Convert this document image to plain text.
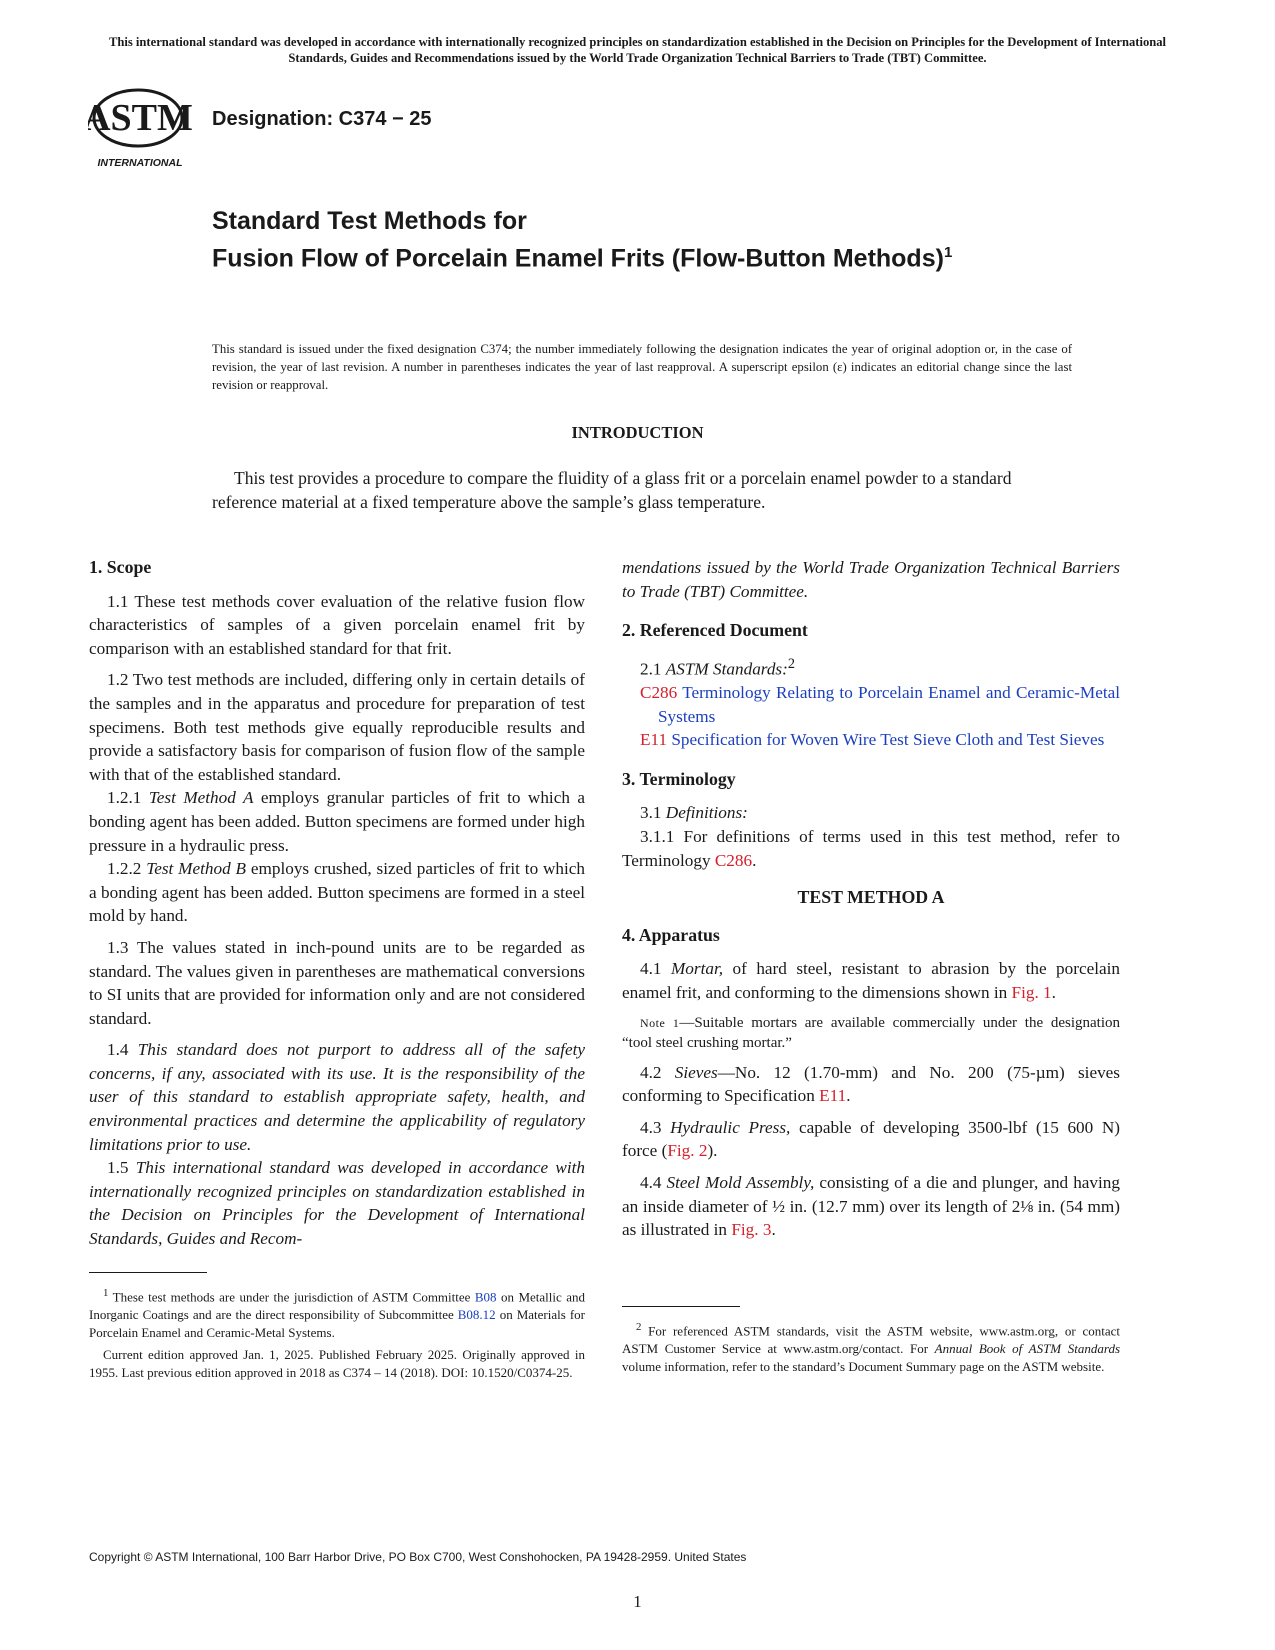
This international standard was developed in accordance with internationally recognized principles on standardization established in the Decision on Principles for the Development of International Standards, Guides and Recommendations issued by the World Trade Organization Technical Barriers to Trade (TBT) Committee.
ASTM
INTERNATIONAL
Designation: C374 − 25
Standard Test Methods for
Fusion Flow of Porcelain Enamel Frits (Flow-Button Methods)$^1$
This standard is issued under the fixed designation C374; the number immediately following the designation indicates the year of original adoption or, in the case of revision, the year of last revision. A number in parentheses indicates the year of last reapproval. A superscript epsilon (ε) indicates an editorial change since the last revision or reapproval.
INTRODUCTION
This test provides a procedure to compare the fluidity of a glass frit or a porcelain enamel powder to a standard reference material at a fixed temperature above the sample’s glass temperature.
1. Scope

1.1 These test methods cover evaluation of the relative fusion flow characteristics of samples of a given porcelain enamel frit by comparison with an established standard for that frit.

1.2 Two test methods are included, differing only in certain details of the samples and in the apparatus and procedure for preparation of test specimens. Both test methods give equally reproducible results and provide a satisfactory basis for comparison of fusion flow of the sample with that of the established standard.

1.2.1 Test Method A employs granular particles of frit to which a bonding agent has been added. Button specimens are formed under high pressure in a hydraulic press.

1.2.2 Test Method B employs crushed, sized particles of frit to which a bonding agent has been added. Button specimens are formed in a steel mold by hand.

1.3 The values stated in inch-pound units are to be regarded as standard. The values given in parentheses are mathematical conversions to SI units that are provided for information only and are not considered standard.

1.4 This standard does not purport to address all of the safety concerns, if any, associated with its use. It is the responsibility of the user of this standard to establish appropriate safety, health, and environmental practices and determine the applicability of regulatory limitations prior to use.

1.5 This international standard was developed in accordance with internationally recognized principles on standardization established in the Decision on Principles for the Development of International Standards, Guides and Recom-

$^1$ These test methods are under the jurisdiction of ASTM Committee B08 on Metallic and Inorganic Coatings and are the direct responsibility of Subcommittee B08.12 on Materials for Porcelain Enamel and Ceramic-Metal Systems.

Current edition approved Jan. 1, 2025. Published February 2025. Originally approved in 1955. Last previous edition approved in 2018 as C374 – 14 (2018). DOI: 10.1520/C0374-25.

mendations issued by the World Trade Organization Technical Barriers to Trade (TBT) Committee.

2. Referenced Document

2.1 ASTM Standards:$^2$

C286 Terminology Relating to Porcelain Enamel and Ceramic-Metal Systems

E11 Specification for Woven Wire Test Sieve Cloth and Test Sieves

3. Terminology

3.1 Definitions:

3.1.1 For definitions of terms used in this test method, refer to Terminology C286.

TEST METHOD A
4. Apparatus

4.1 Mortar, of hard steel, resistant to abrasion by the porcelain enamel frit, and conforming to the dimensions shown in Fig. 1.

Note 1—Suitable mortars are available commercially under the designation “tool steel crushing mortar.”

4.2 Sieves—No. 12 (1.70-mm) and No. 200 (75-µm) sieves conforming to Specification E11.

4.3 Hydraulic Press, capable of developing 3500-lbf (15 600 N) force (Fig. 2).

4.4 Steel Mold Assembly, consisting of a die and plunger, and having an inside diameter of ½ in. (12.7 mm) over its length of 2⅛ in. (54 mm) as illustrated in Fig. 3.

$^2$ For referenced ASTM standards, visit the ASTM website, www.astm.org, or contact ASTM Customer Service at www.astm.org/contact. For Annual Book of ASTM Standards volume information, refer to the standard’s Document Summary page on the ASTM website.

Copyright © ASTM International, 100 Barr Harbor Drive, PO Box C700, West Conshohocken, PA 19428-2959. United States
1
